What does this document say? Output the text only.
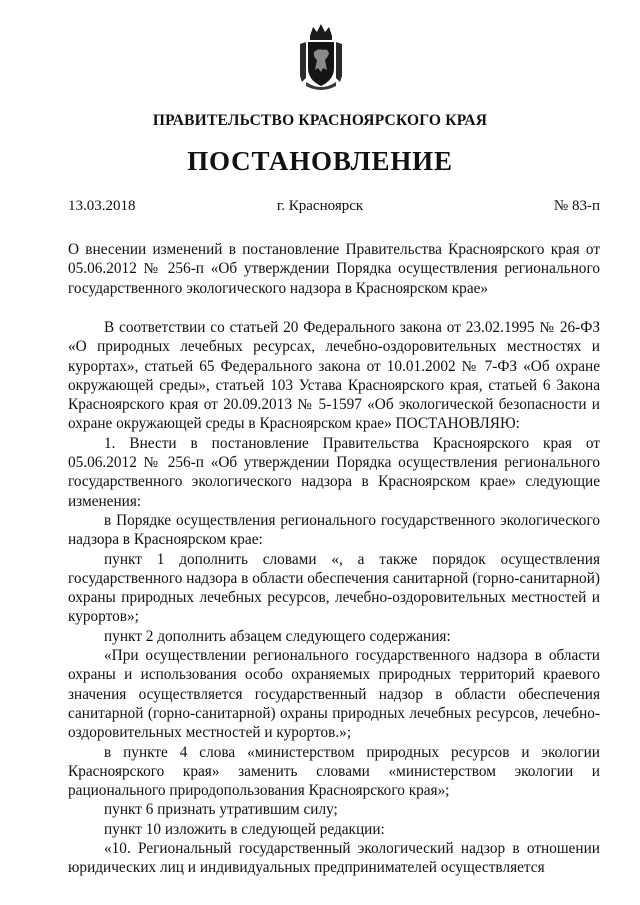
ПРАВИТЕЛЬСТВО КРАСНОЯРСКОГО КРАЯ
ПОСТАНОВЛЕНИЕ
г. Красноярск
13.03.2018	№ 83-п

О внесении изменений в постановление Правительства Красноярского края от 05.06.2012 № 256-п «Об утверждении Порядка осуществления регионального государственного экологического надзора в Красноярском крае»

В соответствии со статьей 20 Федерального закона от 23.02.1995 № 26-ФЗ «О природных лечебных ресурсах, лечебно-оздоровительных местностях и курортах», статьей 65 Федерального закона от 10.01.2002 № 7-ФЗ «Об охране окружающей среды», статьей 103 Устава Красноярского края, статьей 6 Закона Красноярского края от 20.09.2013 № 5-1597 «Об экологической безопасности и охране окружающей среды в Красноярском крае» ПОСТАНОВЛЯЮ:

1. Внести в постановление Правительства Красноярского края от 05.06.2012 № 256-п «Об утверждении Порядка осуществления регионального государственного экологического надзора в Красноярском крае» следующие изменения:

в Порядке осуществления регионального государственного экологического надзора в Красноярском крае:

пункт 1 дополнить словами «, а также порядок осуществления государственного надзора в области обеспечения санитарной (горно-санитарной) охраны природных лечебных ресурсов, лечебно-оздоровительных местностей и курортов»;

пункт 2 дополнить абзацем следующего содержания:

«При осуществлении регионального государственного надзора в области охраны и использования особо охраняемых природных территорий краевого значения осуществляется государственный надзор в области обеспечения санитарной (горно-санитарной) охраны природных лечебных ресурсов, лечебно-оздоровительных местностей и курортов.»;

в пункте 4 слова «министерством природных ресурсов и экологии Красноярского края» заменить словами «министерством экологии и рационального природопользования Красноярского края»;

пункт 6 признать утратившим силу;

пункт 10 изложить в следующей редакции:

«10. Региональный государственный экологический надзор в отношении юридических лиц и индивидуальных предпринимателей осуществляется
